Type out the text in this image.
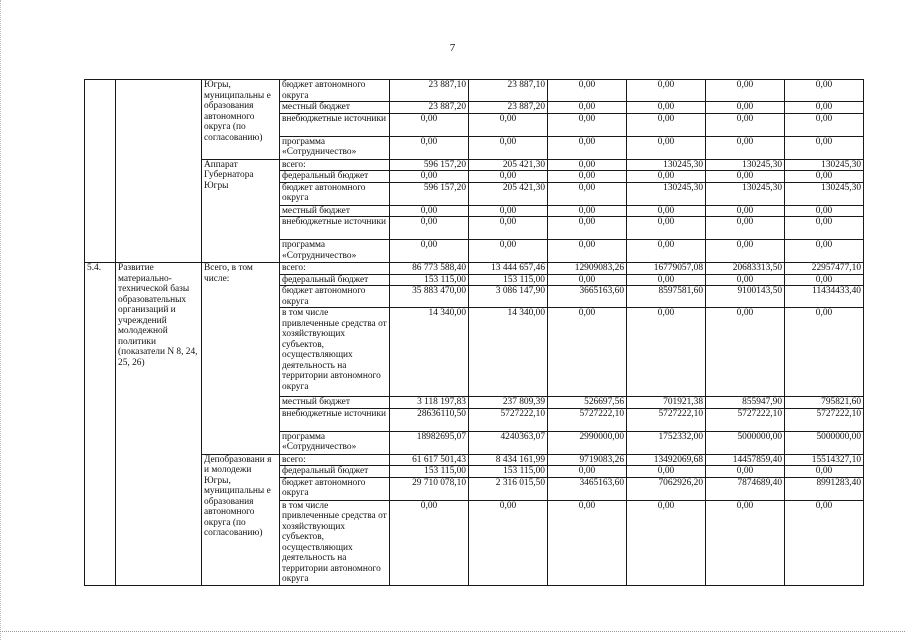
7
		Югры, муниципальны е образования автономного округа (по согласованию)	бюджет автономного округа	23 887,10	23 887,10	0,00	0,00	0,00	0,00
			местный бюджет	23 887,20	23 887,20	0,00	0,00	0,00	0,00
			внебюджетные источники	0,00	0,00	0,00	0,00	0,00	0,00
			программа «Сотрудничество»	0,00	0,00	0,00	0,00	0,00	0,00
		Аппарат Губернатора Югры	всего:	596 157,20	205 421,30	0,00	130245,30	130245,30	130245,30
			федеральный бюджет	0,00	0,00	0,00	0,00	0,00	0,00
			бюджет автономного округа	596 157,20	205 421,30	0,00	130245,30	130245,30	130245,30
			местный бюджет	0,00	0,00	0,00	0,00	0,00	0,00
			внебюджетные источники	0,00	0,00	0,00	0,00	0,00	0,00
			программа «Сотрудничество»	0,00	0,00	0,00	0,00	0,00	0,00
5.4.	Развитие материально-технической базы образовательных организаций и учреждений молодежной политики (показатели N 8, 24, 25, 26)	Всего, в том числе:	всего:	86 773 588,40	13 444 657,46	12909083,26	16779057,08	20683313,50	22957477,10
			федеральный бюджет	153 115,00	153 115,00	0,00	0,00	0,00	0,00
			бюджет автономного округа	35 883 470,00	3 086 147,90	3665163,60	8597581,60	9100143,50	11434433,40
			в том числе привлеченные средства от хозяйствующих субъектов, осуществляющих деятельность на территории автономного округа	14 340,00	14 340,00	0,00	0,00	0,00	0,00
			местный бюджет	3 118 197,83	237 809,39	526697,56	701921,38	855947,90	795821,60
			внебюджетные источники	28636110,50	5727222,10	5727222,10	5727222,10	5727222,10	5727222,10
			программа «Сотрудничество»	18982695,07	4240363,07	2990000,00	1752332,00	5000000,00	5000000,00
		Депобразовани я и молодежи Югры, муниципальны е образования автономного округа (по согласованию)	всего:	61 617 501,43	8 434 161,99	9719083,26	13492069,68	14457859,40	15514327,10
			федеральный бюджет	153 115,00	153 115,00	0,00	0,00	0,00	0,00
			бюджет автономного округа	29 710 078,10	2 316 015,50	3465163,60	7062926,20	7874689,40	8991283,40
			в том числе привлеченные средства от хозяйствующих субъектов, осуществляющих деятельность на территории автономного округа	0,00	0,00	0,00	0,00	0,00	0,00
